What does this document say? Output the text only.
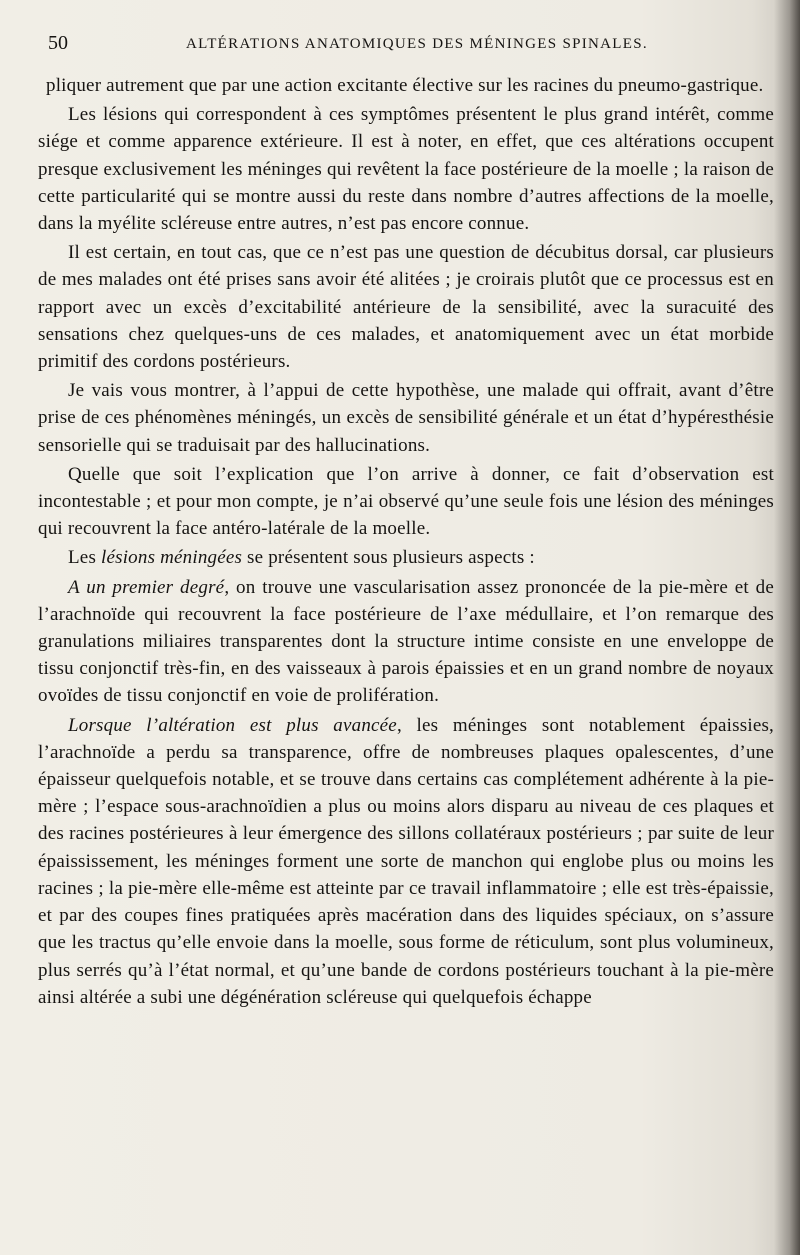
50	ALTÉRATIONS ANATOMIQUES DES MÉNINGES SPINALES.

pliquer autrement que par une action excitante élective sur les racines du pneumo-gastrique.

Les lésions qui correspondent à ces symptômes présentent le plus grand intérêt, comme siége et comme apparence extérieure. Il est à noter, en effet, que ces altérations occupent presque exclusivement les méninges qui revêtent la face postérieure de la moelle ; la raison de cette particularité qui se montre aussi du reste dans nombre d’autres affections de la moelle, dans la myélite scléreuse entre autres, n’est pas encore connue.

Il est certain, en tout cas, que ce n’est pas une question de décubitus dorsal, car plusieurs de mes malades ont été prises sans avoir été alitées ; je croirais plutôt que ce processus est en rapport avec un excès d’excitabilité antérieure de la sensibilité, avec la suracuité des sensations chez quelques-uns de ces malades, et anatomiquement avec un état morbide primitif des cordons postérieurs.

Je vais vous montrer, à l’appui de cette hypothèse, une malade qui offrait, avant d’être prise de ces phénomènes méningés, un excès de sensibilité générale et un état d’hypéresthésie sensorielle qui se traduisait par des hallucinations.

Quelle que soit l’explication que l’on arrive à donner, ce fait d’observation est incontestable ; et pour mon compte, je n’ai observé qu’une seule fois une lésion des méninges qui recouvrent la face antéro-latérale de la moelle.

Les lésions méningées se présentent sous plusieurs aspects :

A un premier degré, on trouve une vascularisation assez prononcée de la pie-mère et de l’arachnoïde qui recouvrent la face postérieure de l’axe médullaire, et l’on remarque des granulations miliaires transparentes dont la structure intime consiste en une enveloppe de tissu conjonctif très-fin, en des vaisseaux à parois épaissies et en un grand nombre de noyaux ovoïdes de tissu conjonctif en voie de prolifération.

Lorsque l’altération est plus avancée, les méninges sont notablement épaissies, l’arachnoïde a perdu sa transparence, offre de nombreuses plaques opalescentes, d’une épaisseur quelquefois notable, et se trouve dans certains cas complétement adhérente à la pie-mère ; l’espace sous-arachnoïdien a plus ou moins alors disparu au niveau de ces plaques et des racines postérieures à leur émergence des sillons collatéraux postérieurs ; par suite de leur épaississement, les méninges forment une sorte de manchon qui englobe plus ou moins les racines ; la pie-mère elle-même est atteinte par ce travail inflammatoire ; elle est très-épaissie, et par des coupes fines pratiquées après macération dans des liquides spéciaux, on s’assure que les tractus qu’elle envoie dans la moelle, sous forme de réticulum, sont plus volumineux, plus serrés qu’à l’état normal, et qu’une bande de cordons postérieurs touchant à la pie-mère ainsi altérée a subi une dégénération scléreuse qui quelquefois échappe
